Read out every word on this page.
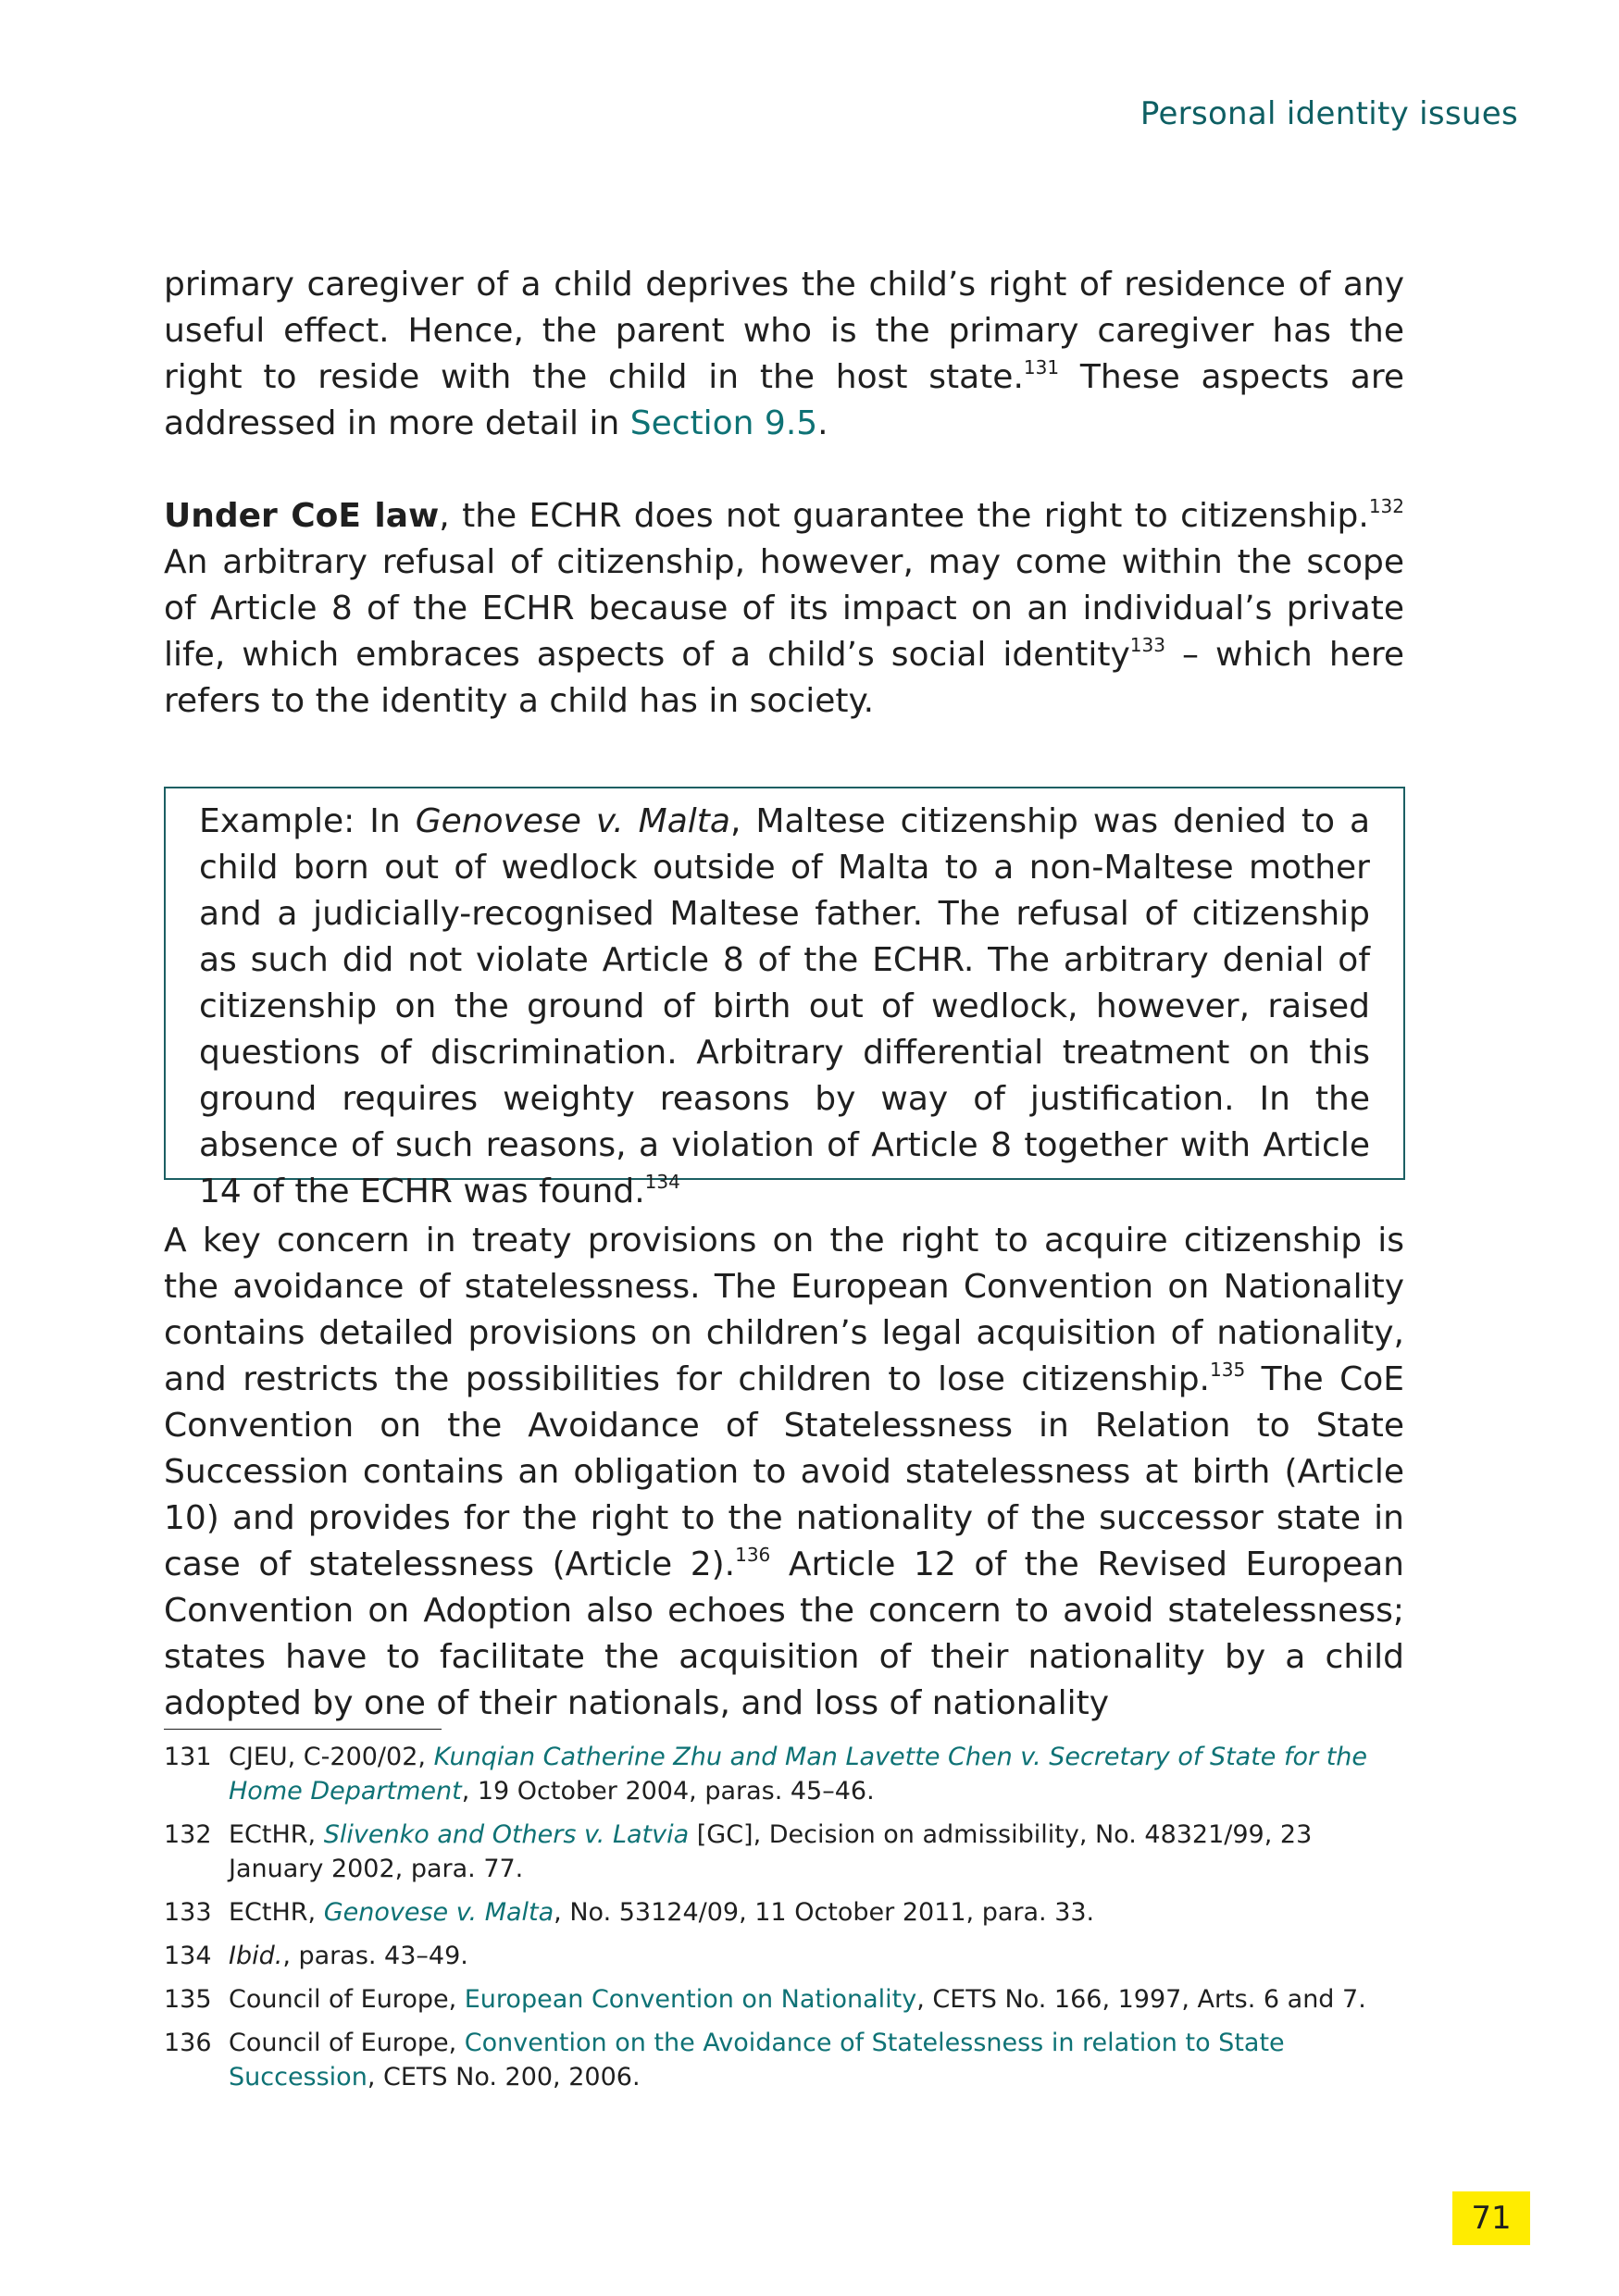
Personal identity issues
primary caregiver of a child deprives the child’s right of residence of any useful effect. Hence, the parent who is the primary caregiver has the right to reside with the child in the host state.$^{131}$ These aspects are addressed in more detail in Section 9.5.
Under CoE law, the ECHR does not guarantee the right to citizenship.$^{132}$ An arbitrary refusal of citizenship, however, may come within the scope of Article 8 of the ECHR because of its impact on an individual’s private life, which embraces aspects of a child’s social identity$^{133}$ – which here refers to the identity a child has in society.
Example: In Genovese v. Malta, Maltese citizenship was denied to a child born out of wedlock outside of Malta to a non-Maltese mother and a judicially-recognised Maltese father. The refusal of citizenship as such did not violate Article 8 of the ECHR. The arbitrary denial of citizenship on the ground of birth out of wedlock, however, raised questions of discrimination. Arbitrary differential treatment on this ground requires weighty reasons by way of justification. In the absence of such reasons, a violation of Article 8 together with Article 14 of the ECHR was found.$^{134}$
A key concern in treaty provisions on the right to acquire citizenship is the avoidance of statelessness. The European Convention on Nationality contains detailed provisions on children’s legal acquisition of nationality, and restricts the possibilities for children to lose citizenship.$^{135}$ The CoE Convention on the Avoidance of Statelessness in Relation to State Succession contains an obligation to avoid statelessness at birth (Article 10) and provides for the right to the nationality of the successor state in case of statelessness (Article 2).$^{136}$ Article 12 of the Revised European Convention on Adoption also echoes the concern to avoid statelessness; states have to facilitate the acquisition of their nationality by a child adopted by one of their nationals, and loss of nationality
131 CJEU, C-200/02, Kunqian Catherine Zhu and Man Lavette Chen v. Secretary of State for the Home Department, 19 October 2004, paras. 45–46.
132 ECtHR, Slivenko and Others v. Latvia [GC], Decision on admissibility, No. 48321/99, 23 January 2002, para. 77.
133 ECtHR, Genovese v. Malta, No. 53124/09, 11 October 2011, para. 33.
134 Ibid., paras. 43–49.
135 Council of Europe, European Convention on Nationality, CETS No. 166, 1997, Arts. 6 and 7.
136 Council of Europe, Convention on the Avoidance of Statelessness in relation to State Succession, CETS No. 200, 2006.
71
